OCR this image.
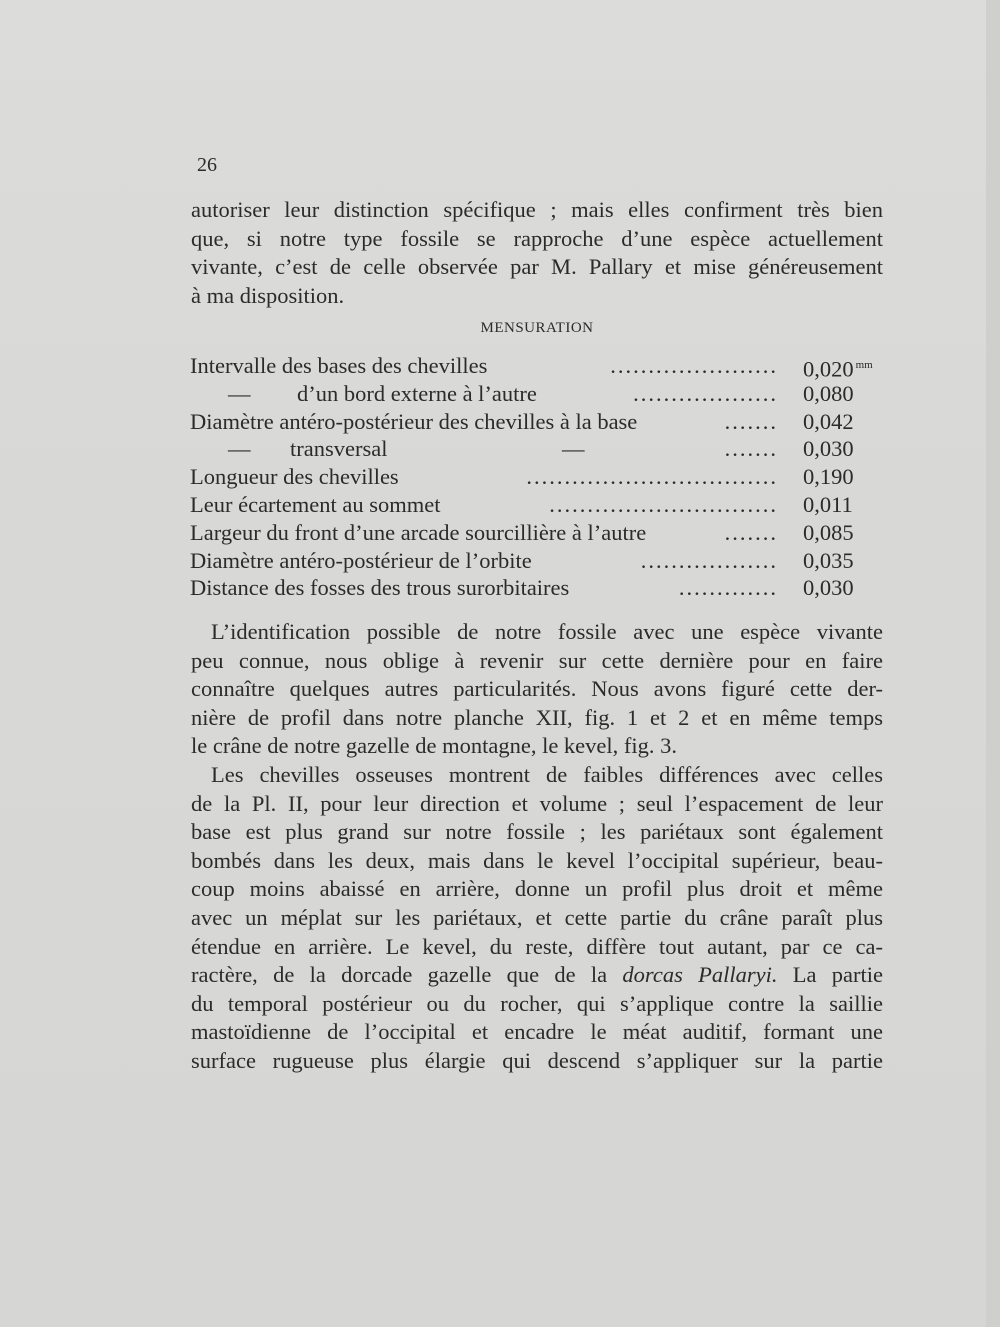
26

autoriser leur distinction spécifique ; mais elles confirment très bien
que, si notre type fossile se rapproche d’une espèce actuellement
vivante, c’est de celle observée par M. Pallary et mise généreusement
à ma disposition.

MENSURATION
Intervalle des bases des chevilles	...................... 0,020 $^{mm}$
— d’un bord externe à l’autre	................... 0,080
Diamètre antéro-postérieur des chevilles à la base	....... 0,042
— transversal	—	....... 0,030
Longueur des chevilles	................................. 0,190
Leur écartement au sommet	.............................. 0,011
Largeur du front d’une arcade sourcillière à l’autre	....... 0,085
Diamètre antéro-postérieur de l’orbite	.................. 0,035
Distance des fosses des trous surorbitaires	............. 0,030

L’identification possible de notre fossile avec une espèce vivante
peu connue, nous oblige à revenir sur cette dernière pour en faire
connaître quelques autres particularités. Nous avons figuré cette der-
nière de profil dans notre planche XII, fig. 1 et 2 et en même temps
le crâne de notre gazelle de montagne, le kevel, fig. 3.

Les chevilles osseuses montrent de faibles différences avec celles
de la Pl. II, pour leur direction et volume ; seul l’espacement de leur
base est plus grand sur notre fossile ; les pariétaux sont également
bombés dans les deux, mais dans le kevel l’occipital supérieur, beau-
coup moins abaissé en arrière, donne un profil plus droit et même
avec un méplat sur les pariétaux, et cette partie du crâne paraît plus
étendue en arrière. Le kevel, du reste, diffère tout autant, par ce ca-
ractère, de la dorcade gazelle que de la dorcas Pallaryi. La partie
du temporal postérieur ou du rocher, qui s’applique contre la saillie
mastoïdienne de l’occipital et encadre le méat auditif, formant une
surface rugueuse plus élargie qui descend s’appliquer sur la partie
